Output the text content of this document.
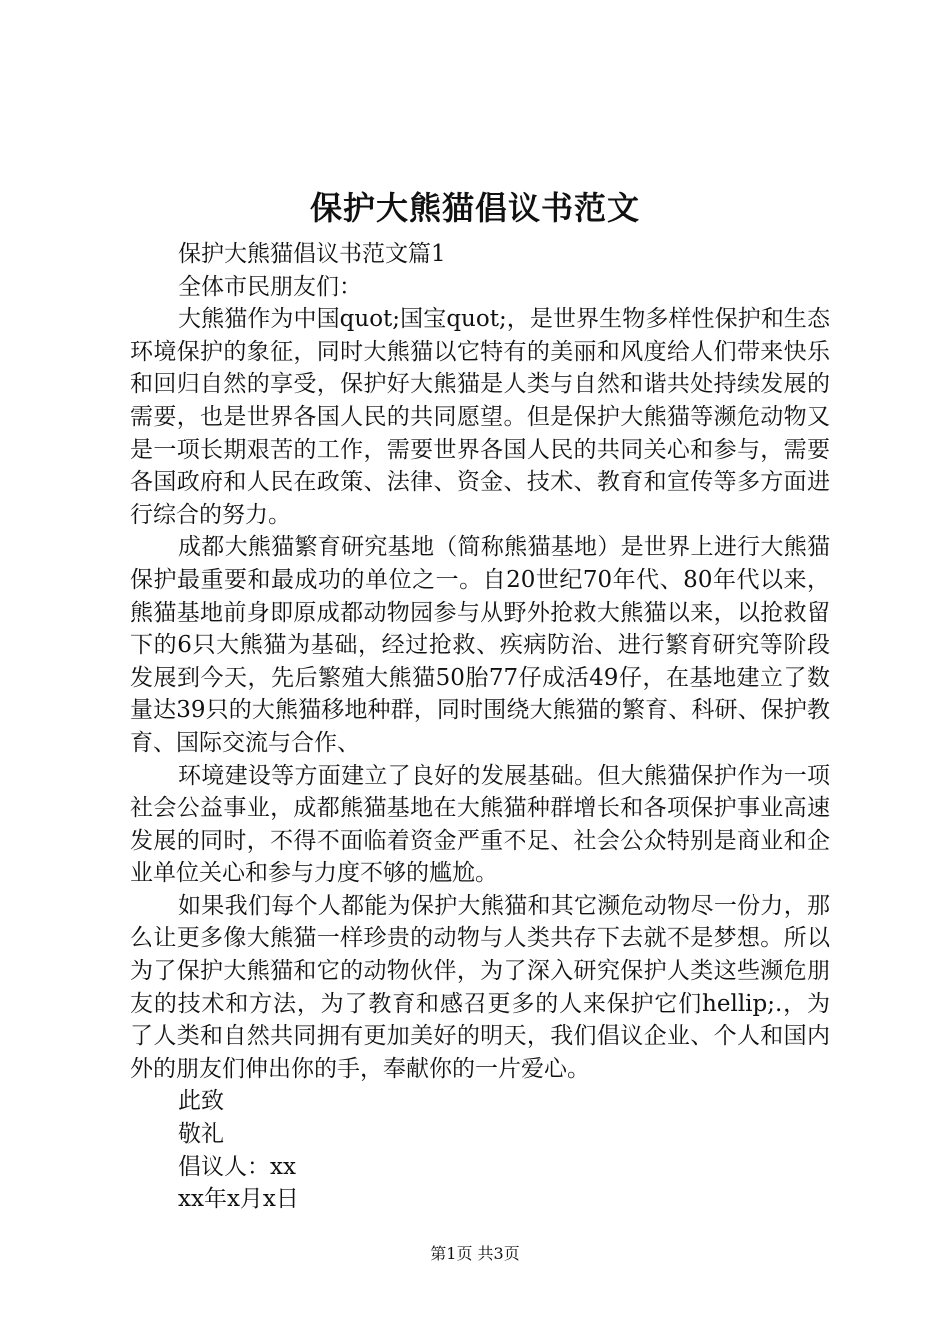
保护大熊猫倡议书范文

保护大熊猫倡议书范文篇1

全体市民朋友们：

大熊猫作为中国quot;国宝quot;，是世界生物多样性保护和生态环境保护的象征，同时大熊猫以它特有的美丽和风度给人们带来快乐和回归自然的享受，保护好大熊猫是人类与自然和谐共处持续发展的需要，也是世界各国人民的共同愿望。但是保护大熊猫等濒危动物又是一项长期艰苦的工作，需要世界各国人民的共同关心和参与，需要各国政府和人民在政策、法律、资金、技术、教育和宣传等多方面进行综合的努力。

成都大熊猫繁育研究基地（简称熊猫基地）是世界上进行大熊猫保护最重要和最成功的单位之一。自20世纪70年代、80年代以来，熊猫基地前身即原成都动物园参与从野外抢救大熊猫以来，以抢救留下的6只大熊猫为基础，经过抢救、疾病防治、进行繁育研究等阶段发展到今天，先后繁殖大熊猫50胎77仔成活49仔，在基地建立了数量达39只的大熊猫移地种群，同时围绕大熊猫的繁育、科研、保护教育、国际交流与合作、

环境建设等方面建立了良好的发展基础。但大熊猫保护作为一项社会公益事业，成都熊猫基地在大熊猫种群增长和各项保护事业高速发展的同时，不得不面临着资金严重不足、社会公众特别是商业和企业单位关心和参与力度不够的尴尬。

如果我们每个人都能为保护大熊猫和其它濒危动物尽一份力，那么让更多像大熊猫一样珍贵的动物与人类共存下去就不是梦想。所以为了保护大熊猫和它的动物伙伴，为了深入研究保护人类这些濒危朋友的技术和方法，为了教育和感召更多的人来保护它们hellip;.，为了人类和自然共同拥有更加美好的明天，我们倡议企业、个人和国内外的朋友们伸出你的手，奉献你的一片爱心。

此致

敬礼

倡议人：xx

xx年x月x日

第1页 共3页
